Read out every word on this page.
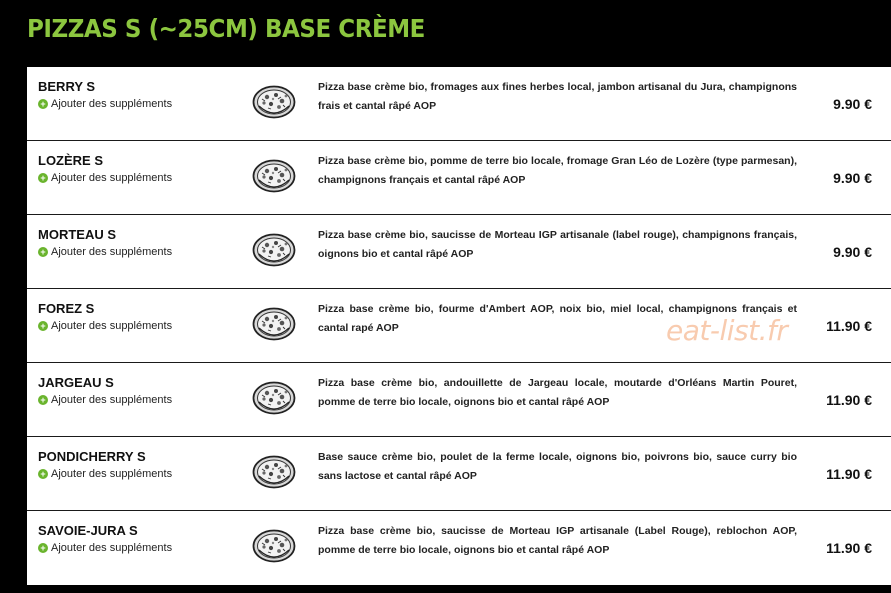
PIZZAS S (~25CM) BASE CRÈME
BERRY S
+ Ajouter des suppléments
Pizza base crème bio, fromages aux fines herbes local, jambon artisanal du Jura, champignons frais et cantal râpé AOP	9.90 €
LOZÈRE S
+ Ajouter des suppléments
Pizza base crème bio, pomme de terre bio locale, fromage Gran Léo de Lozère (type parmesan), champignons français et cantal râpé AOP	9.90 €
MORTEAU S
+ Ajouter des suppléments
Pizza base crème bio, saucisse de Morteau IGP artisanale (label rouge), champignons français, oignons bio et cantal râpé AOP	9.90 €
FOREZ S
+ Ajouter des suppléments
Pizza base crème bio, fourme d'Ambert AOP, noix bio, miel local, champignons français et cantal rapé AOP	11.90 €
JARGEAU S
+ Ajouter des suppléments
Pizza base crème bio, andouillette de Jargeau locale, moutarde d'Orléans Martin Pouret, pomme de terre bio locale, oignons bio et cantal râpé AOP	11.90 €
PONDICHERRY S
+ Ajouter des suppléments
Base sauce crème bio, poulet de la ferme locale, oignons bio, poivrons bio, sauce curry bio sans lactose et cantal râpé AOP	11.90 €
SAVOIE-JURA S
+ Ajouter des suppléments
Pizza base crème bio, saucisse de Morteau IGP artisanale (Label Rouge), reblochon AOP, pomme de terre bio locale, oignons bio et cantal râpé AOP	11.90 €
eat-list.fr
